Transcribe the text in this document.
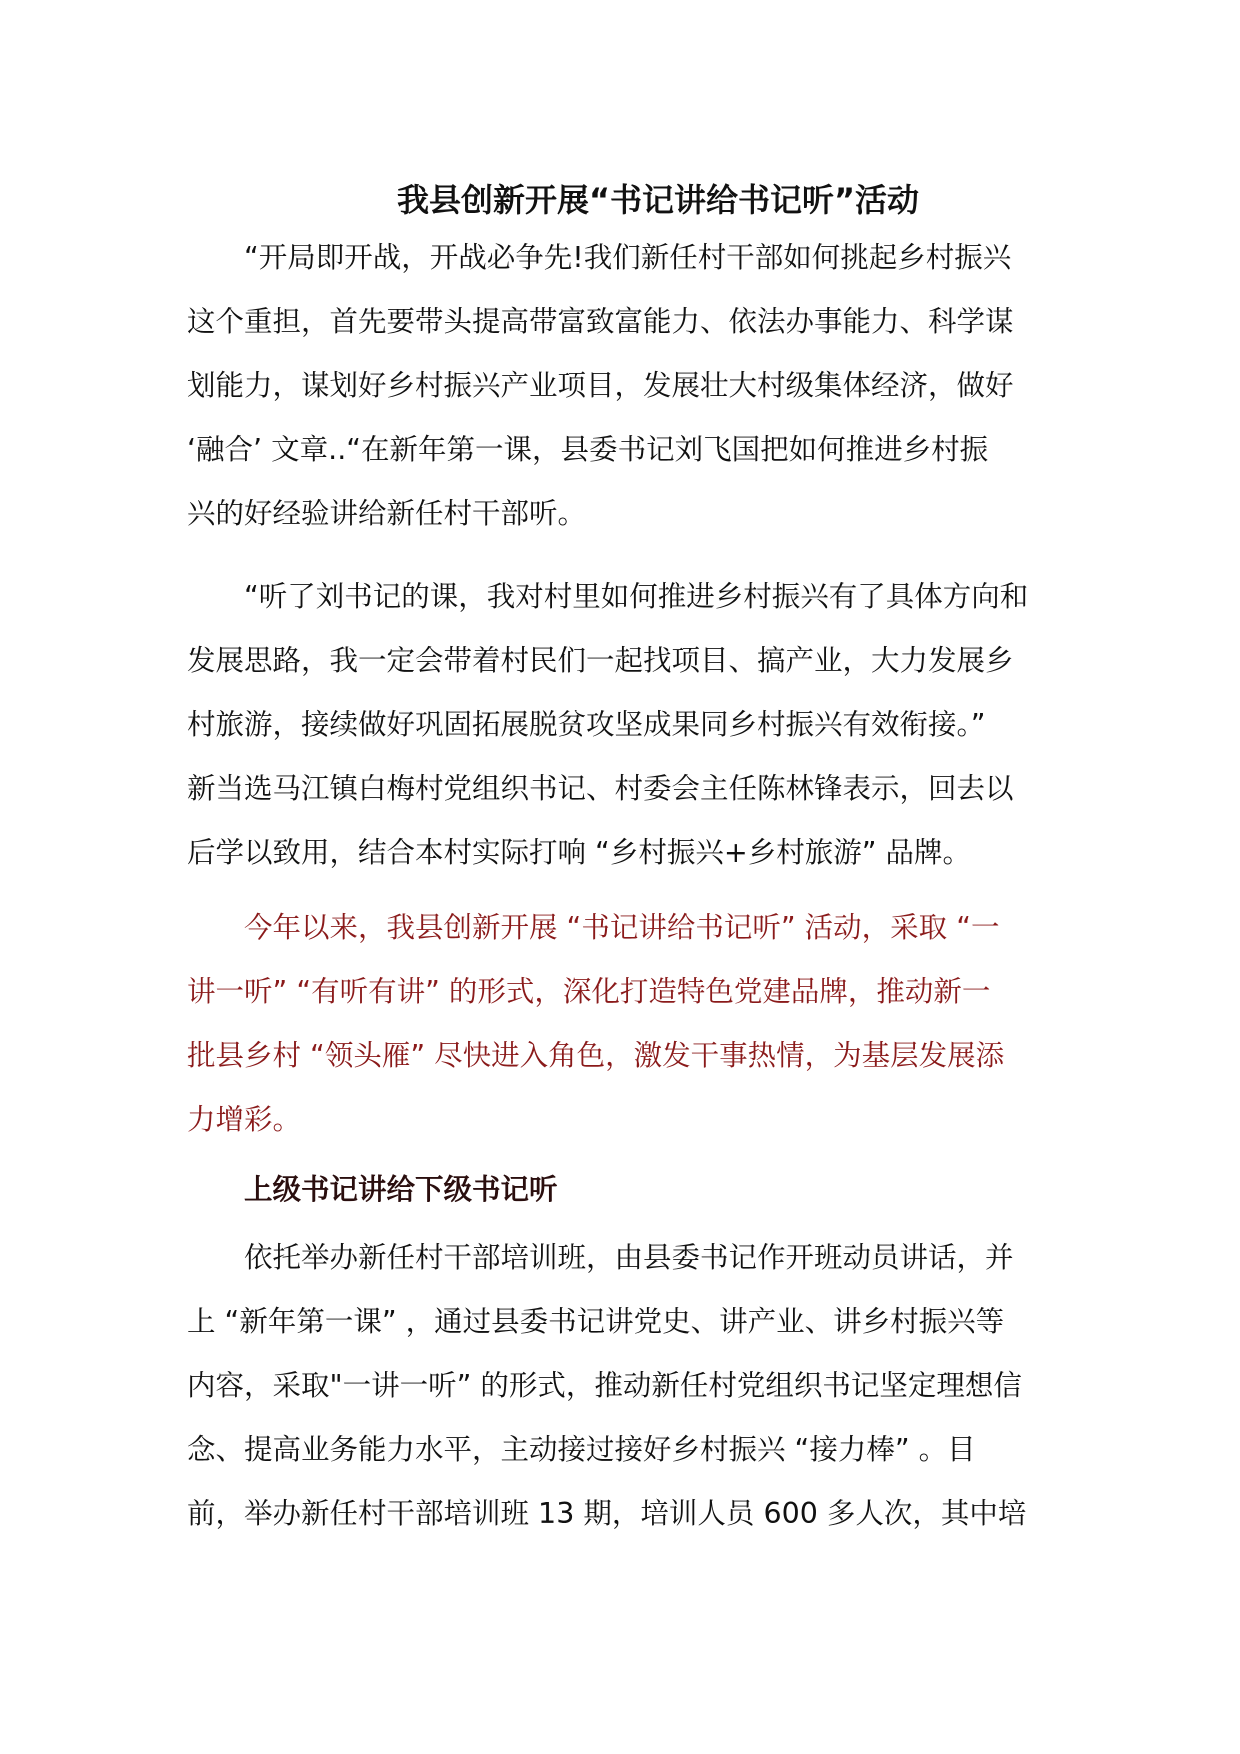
我县创新开展“书记讲给书记听”活动
“开局即开战，开战必争先!我们新任村干部如何挑起乡村振兴
这个重担，首先要带头提高带富致富能力、依法办事能力、科学谋
划能力，谋划好乡村振兴产业项目，发展壮大村级集体经济，做好
‘融合’ 文章..“在新年第一课，县委书记刘飞国把如何推进乡村振
兴的好经验讲给新任村干部听。
“听了刘书记的课，我对村里如何推进乡村振兴有了具体方向和
发展思路，我一定会带着村民们一起找项目、搞产业，大力发展乡
村旅游，接续做好巩固拓展脱贫攻坚成果同乡村振兴有效衔接。”
新当选马江镇白梅村党组织书记、村委会主任陈林锋表示，回去以
后学以致用，结合本村实际打响 “乡村振兴+乡村旅游” 品牌。
今年以来，我县创新开展 “书记讲给书记听” 活动，采取 “一
讲一听” “有听有讲” 的形式，深化打造特色党建品牌，推动新一
批县乡村 “领头雁” 尽快进入角色，激发干事热情，为基层发展添
力增彩。
上级书记讲给下级书记听
依托举办新任村干部培训班，由县委书记作开班动员讲话，并
上 “新年第一课” ，通过县委书记讲党史、讲产业、讲乡村振兴等
内容，采取"一讲一听” 的形式，推动新任村党组织书记坚定理想信
念、提高业务能力水平，主动接过接好乡村振兴 “接力棒” 。目
前，举办新任村干部培训班 13 期，培训人员 600 多人次，其中培
